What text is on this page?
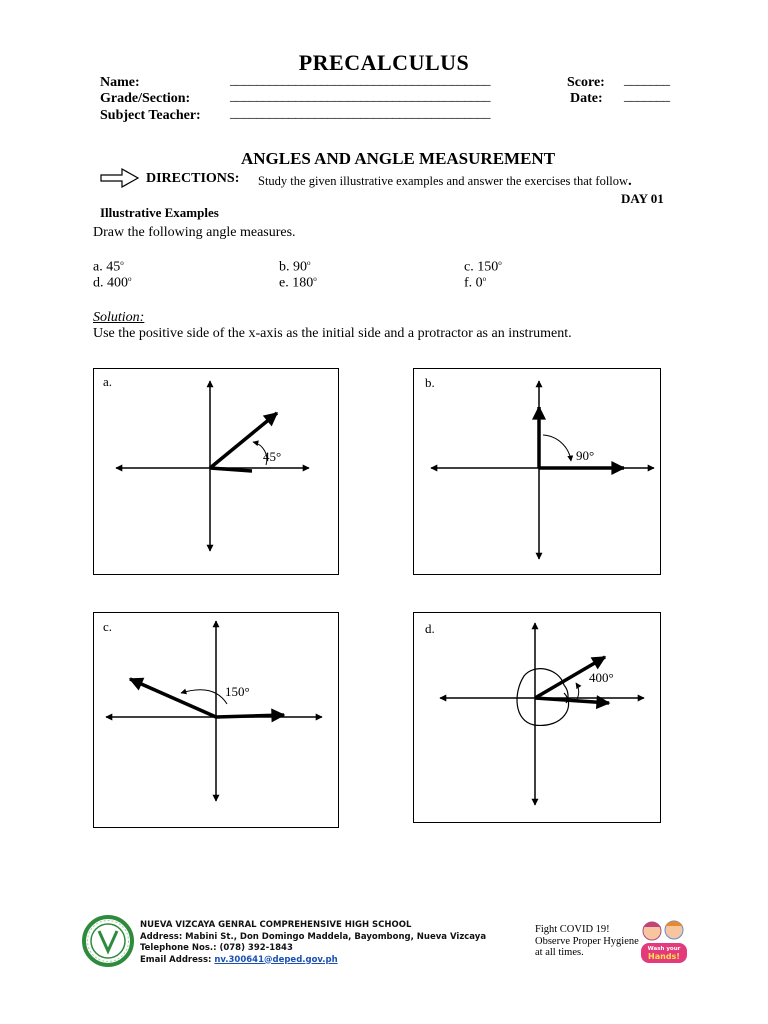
PRECALCULUS
Name:	________________________________________	Score: _______
Grade/Section:	________________________________________	Date: _______
Subject Teacher: ________________________________________
ANGLES AND ANGLE MEASUREMENT
DIRECTIONS: Study the given illustrative examples and answer the exercises that follow.
DAY 01
Illustrative Examples
Draw the following angle measures.
a. 45$^o$	b. 90$^o$	c. 150$^o$
d. 400$^o$	e. 180$^o$	f. 0$^o$
Solution:
Use the positive side of the x-axis as the initial side and a protractor as an instrument.
a.
45°
b.
90°
c.
150°
d.
400°
NUEVA VIZCAYA GENRAL COMPREHENSIVE HIGH SCHOOL
Address: Mabini St., Don Domingo Maddela, Bayombong, Nueva Vizcaya
Telephone Nos.: (078) 392-1843
Email Address: nv.300641@deped.gov.ph
Fight COVID 19!
Observe Proper Hygiene
at all times.	Wash your
Hands!
